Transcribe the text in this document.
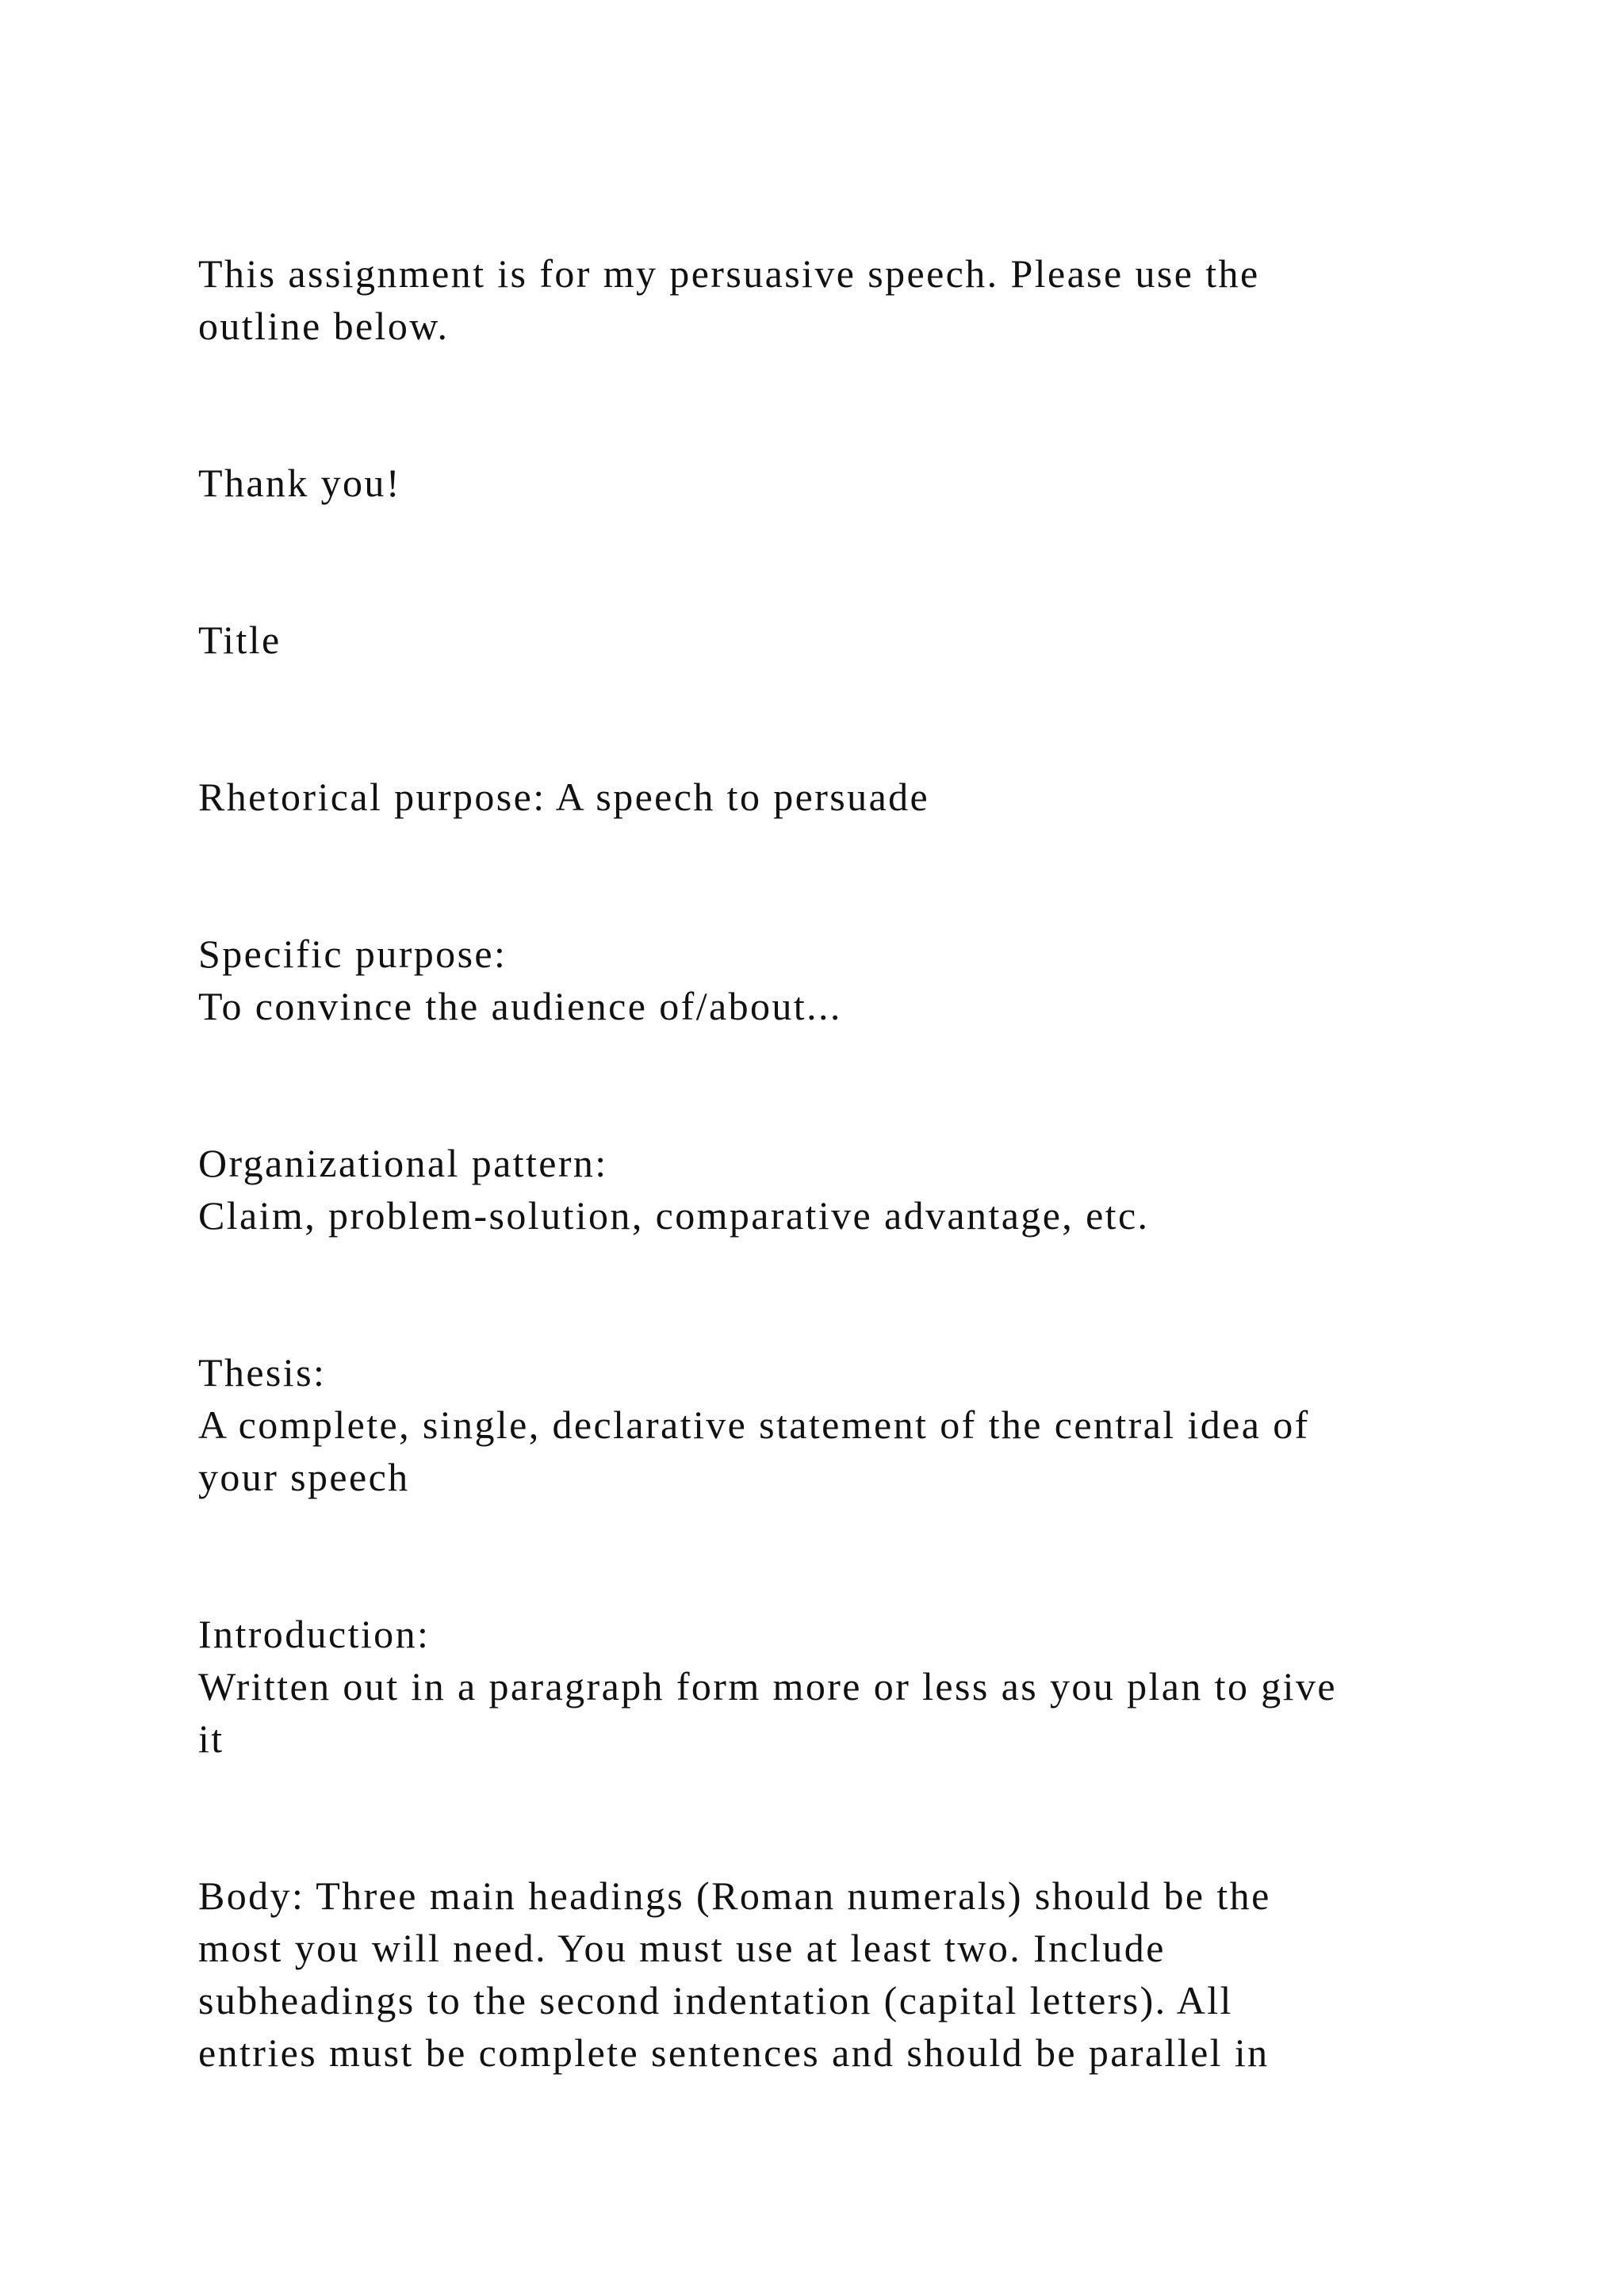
This assignment is for my persuasive speech. Please use the
outline below.
Thank you!
Title
Rhetorical purpose: A speech to persuade
Specific purpose:
To convince the audience of/about...
Organizational pattern:
Claim, problem-solution, comparative advantage, etc.
Thesis:
A complete, single, declarative statement of the central idea of
your speech
Introduction:
Written out in a paragraph form more or less as you plan to give
it
Body: Three main headings (Roman numerals) should be the
most you will need. You must use at least two. Include
subheadings to the second indentation (capital letters). All
entries must be complete sentences and should be parallel in
